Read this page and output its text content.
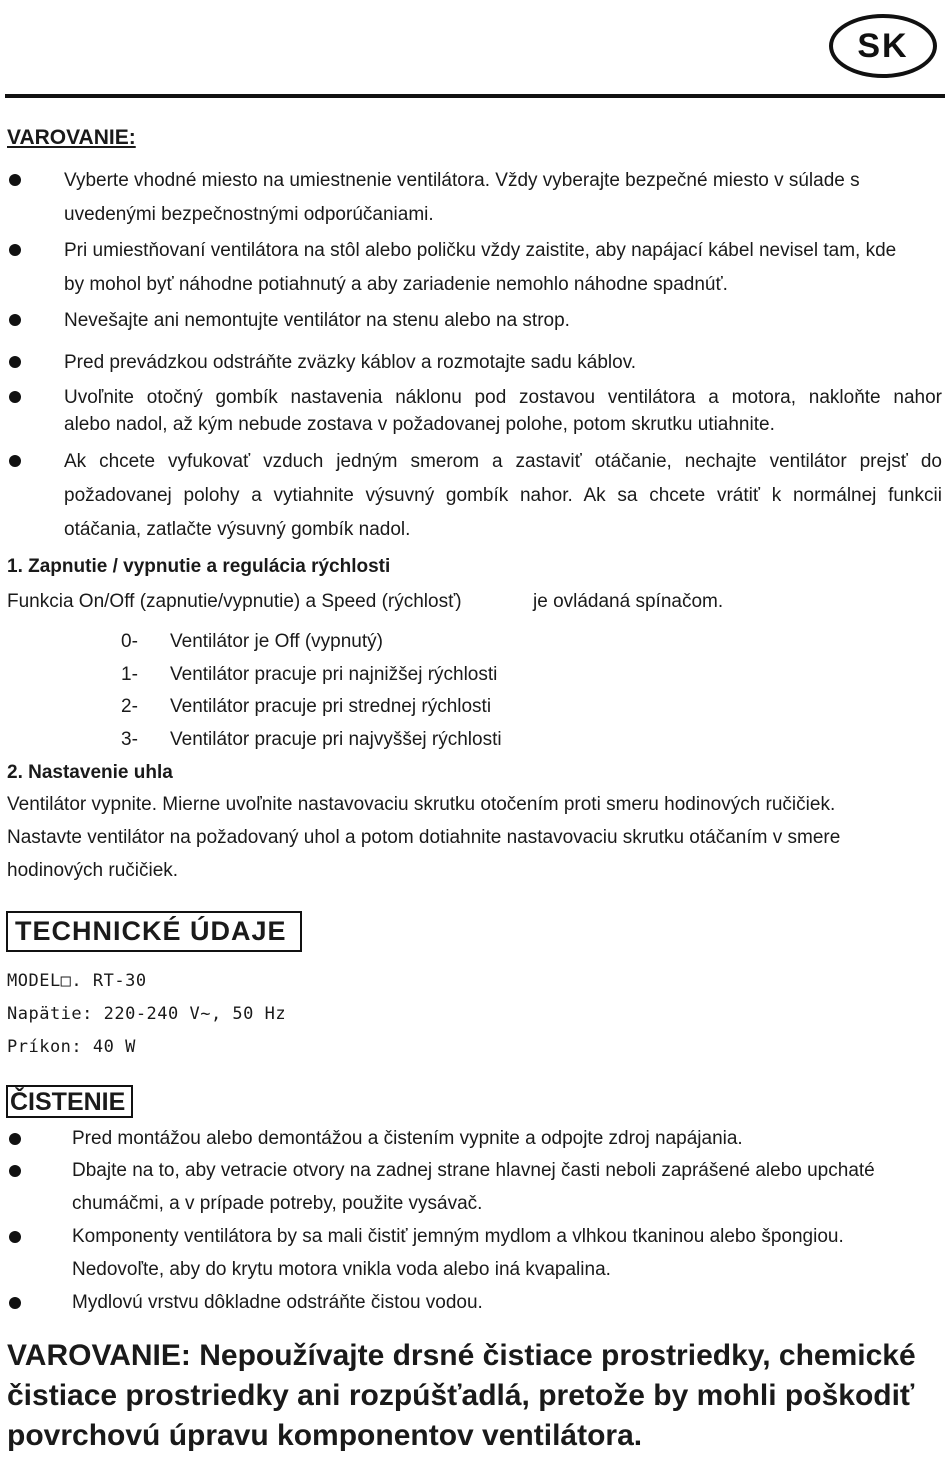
SK
VAROVANIE:
Vyberte vhodné miesto na umiestnenie ventilátora. Vždy vyberajte bezpečné miesto v súlade s
uvedenými bezpečnostnými odporúčaniami.
Pri umiestňovaní ventilátora na stôl alebo poličku vždy zaistite, aby napájací kábel nevisel tam, kde
by mohol byť náhodne potiahnutý a aby zariadenie nemohlo náhodne spadnúť.
Nevešajte ani nemontujte ventilátor na stenu alebo na strop.
Pred prevádzkou odstráňte zväzky káblov a rozmotajte sadu káblov.
Uvoľnite otočný gombík nastavenia náklonu pod zostavou ventilátora a motora, nakloňte nahor
alebo nadol, až kým nebude zostava v požadovanej polohe, potom skrutku utiahnite.
Ak chcete vyfukovať vzduch jedným smerom a zastaviť otáčanie, nechajte ventilátor prejsť do
požadovanej polohy a vytiahnite výsuvný gombík nahor. Ak sa chcete vrátiť k normálnej funkcii
otáčania, zatlačte výsuvný gombík nadol.
1. Zapnutie / vypnutie a regulácia rýchlosti
Funkcia On/Off (zapnutie/vypnutie) a Speed (rýchlosť)	je ovládaná spínačom.
0- Ventilátor je Off (vypnutý)
1- Ventilátor pracuje pri najnižšej rýchlosti
2- Ventilátor pracuje pri strednej rýchlosti
3- Ventilátor pracuje pri najvyššej rýchlosti
2. Nastavenie uhla
Ventilátor vypnite. Mierne uvoľnite nastavovaciu skrutku otočením proti smeru hodinových ručičiek.
Nastavte ventilátor na požadovaný uhol a potom dotiahnite nastavovaciu skrutku otáčaním v smere
hodinových ručičiek.
TECHNICKÉ ÚDAJE
MODEL□. RT-30
Napätie: 220-240 V~, 50 Hz
Príkon: 40 W
ČISTENIE
Pred montážou alebo demontážou a čistením vypnite a odpojte zdroj napájania.
Dbajte na to, aby vetracie otvory na zadnej strane hlavnej časti neboli zaprášené alebo upchaté
chumáčmi, a v prípade potreby, použite vysávač.
Komponenty ventilátora by sa mali čistiť jemným mydlom a vlhkou tkaninou alebo špongiou.
Nedovoľte, aby do krytu motora vnikla voda alebo iná kvapalina.
Mydlovú vrstvu dôkladne odstráňte čistou vodou.
VAROVANIE: Nepoužívajte drsné čistiace prostriedky, chemické
čistiace prostriedky ani rozpúšťadlá, pretože by mohli poškodiť
povrchovú úpravu komponentov ventilátora.
